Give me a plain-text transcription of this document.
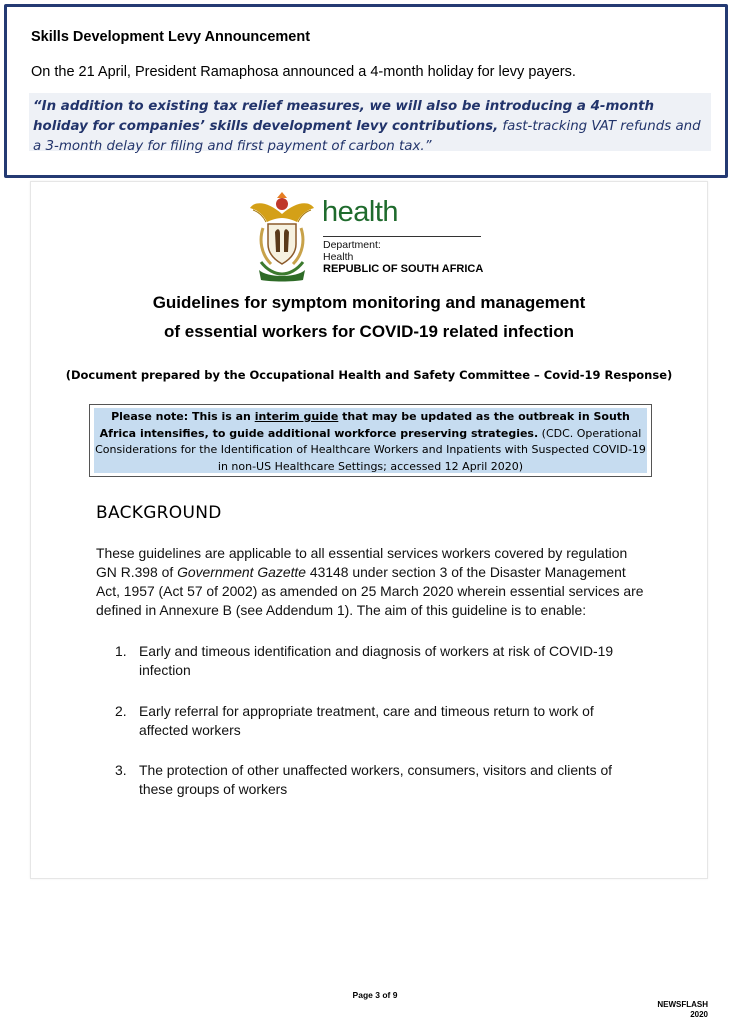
Skills Development Levy Announcement
On the 21 April, President Ramaphosa announced a 4-month holiday for levy payers.
“In addition to existing tax relief measures, we will also be introducing a 4-month holiday for companies’ skills development levy contributions, fast-tracking VAT refunds and a 3-month delay for filing and first payment of carbon tax.”
health
Department:
Health
REPUBLIC OF SOUTH AFRICA
Guidelines for symptom monitoring and management
of essential workers for COVID-19 related infection
(Document prepared by the Occupational Health and Safety Committee – Covid-19 Response)
Please note: This is an interim guide that may be updated as the outbreak in South Africa intensifies, to guide additional workforce preserving strategies. (CDC. Operational Considerations for the Identification of Healthcare Workers and Inpatients with Suspected COVID-19 in non-US Healthcare Settings; accessed 12 April 2020)
BACKGROUND
These guidelines are applicable to all essential services workers covered by regulation GN R.398 of Government Gazette 43148 under section 3 of the Disaster Management Act, 1957 (Act 57 of 2002) as amended on 25 March 2020 wherein essential services are defined in Annexure B (see Addendum 1). The aim of this guideline is to enable:
1. Early and timeous identification and diagnosis of workers at risk of COVID-19 infection
2. Early referral for appropriate treatment, care and timeous return to work of affected workers
3. The protection of other unaffected workers, consumers, visitors and clients of these groups of workers
Page 3 of 9
NEWSFLASH
2020
